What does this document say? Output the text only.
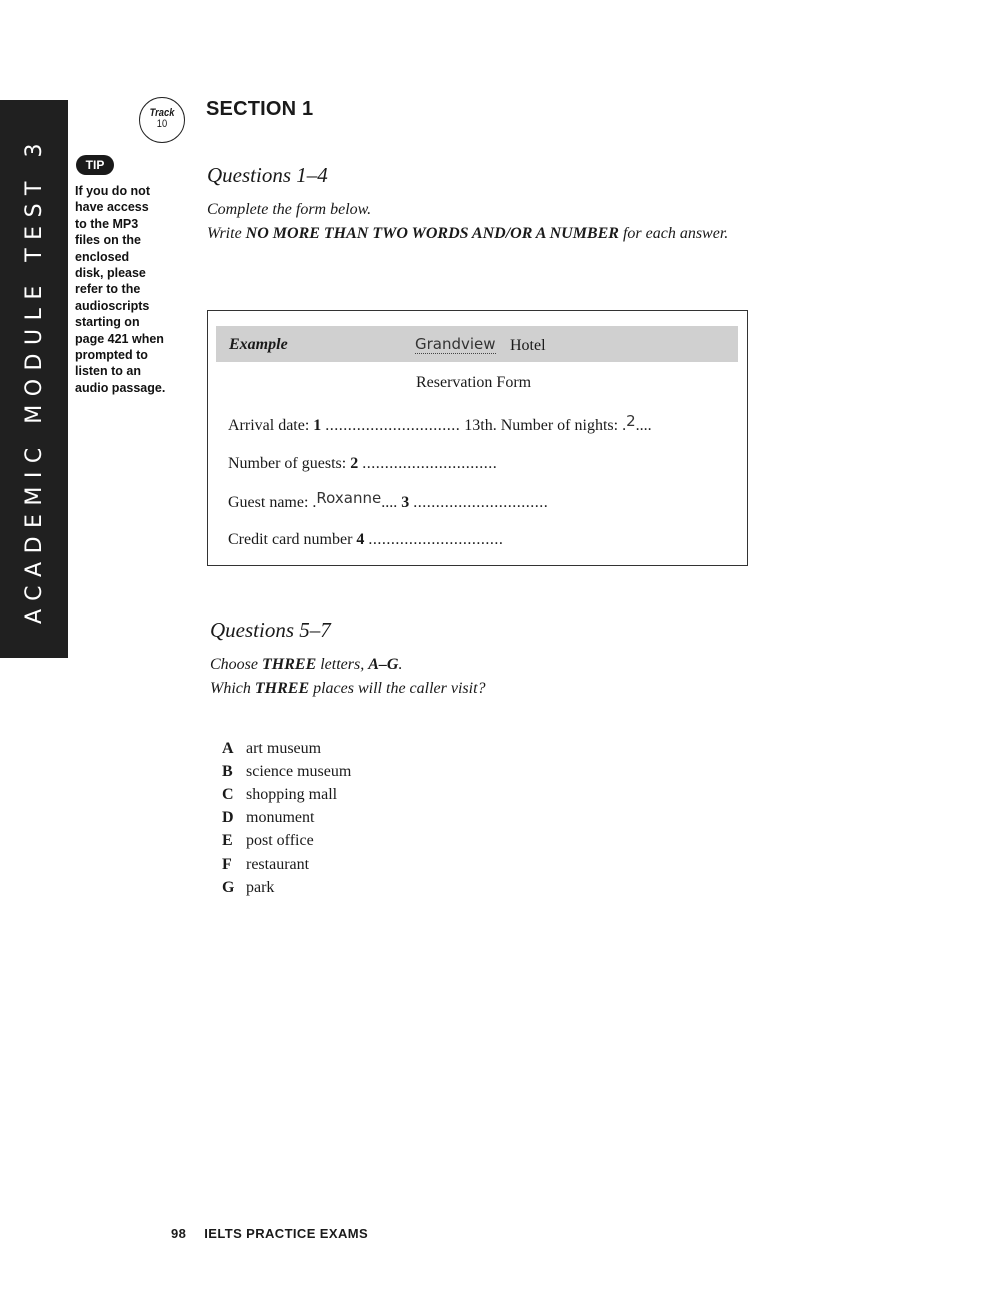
ACADEMIC MODULE TEST 3
Track
10
SECTION 1
TIP
If you do not
have access
to the MP3
files on the
enclosed
disk, please
refer to the
audioscripts
starting on
page 421 when
prompted to
listen to an
audio passage.
Questions 1–4
Complete the form below.
Write NO MORE THAN TWO WORDS AND/OR A NUMBER for each answer.
Example	Grandview Hotel
Reservation Form
Arrival date: 1 .............................. 13th. Number of nights: .2....
Number of guests: 2 ..............................
Guest name: .Roxanne.... 3 ..............................
Credit card number 4 ..............................
Questions 5–7
Choose THREE letters, A–G.
Which THREE places will the caller visit?
A art museum
B science museum
C shopping mall
D monument
E post office
F restaurant
G park
98 IELTS PRACTICE EXAMS
